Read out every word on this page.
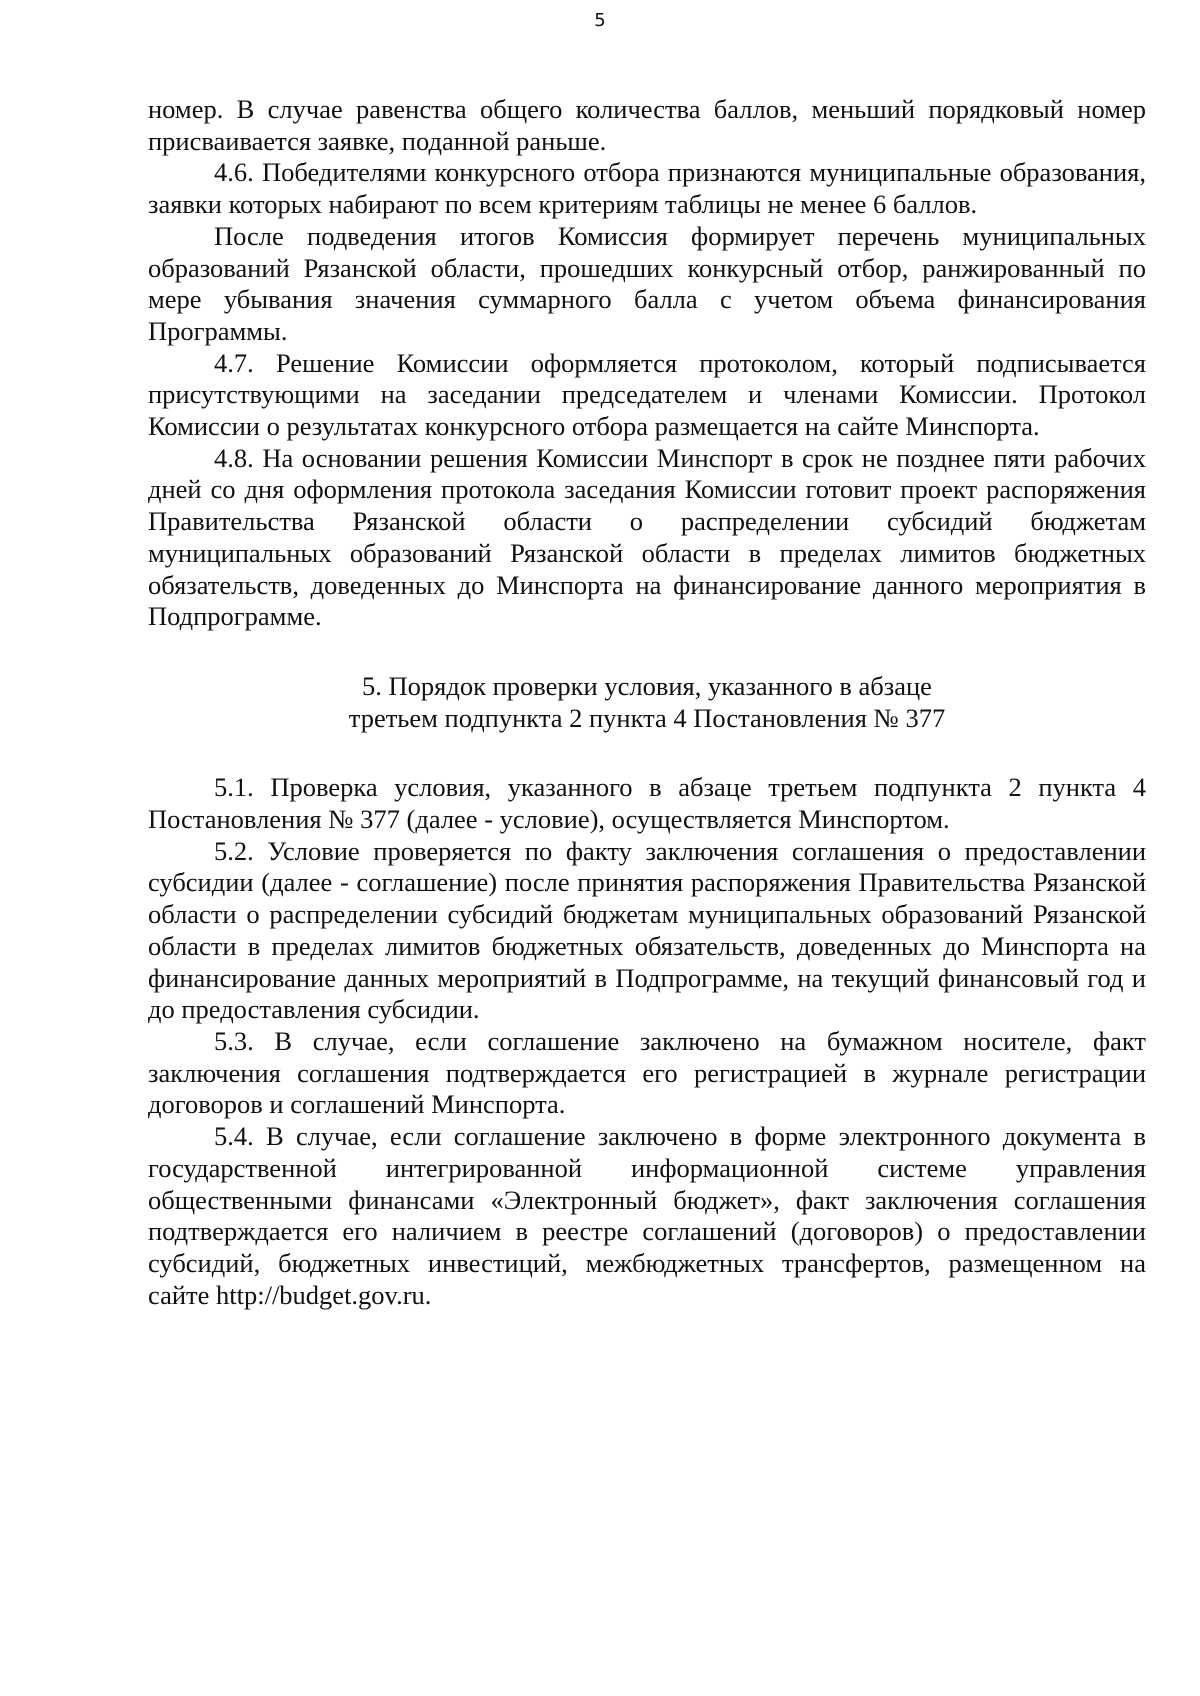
5

номер. В случае равенства общего количества баллов, меньший порядковый номер присваивается заявке, поданной раньше.

4.6. Победителями конкурсного отбора признаются муниципальные образования, заявки которых набирают по всем критериям таблицы не менее 6 баллов.

После подведения итогов Комиссия формирует перечень муниципальных образований Рязанской области, прошедших конкурсный отбор, ранжированный по мере убывания значения суммарного балла с учетом объема финансирования Программы.

4.7. Решение Комиссии оформляется протоколом, который подписывается присутствующими на заседании председателем и членами Комиссии. Протокол Комиссии о результатах конкурсного отбора размещается на сайте Минспорта.

4.8. На основании решения Комиссии Минспорт в срок не позднее пяти рабочих дней со дня оформления протокола заседания Комиссии готовит проект распоряжения Правительства Рязанской области о распределении субсидий бюджетам муниципальных образований Рязанской области в пределах лимитов бюджетных обязательств, доведенных до Минспорта на финансирование данного мероприятия в Подпрограмме.

5. Порядок проверки условия, указанного в абзаце
третьем подпункта 2 пункта 4 Постановления № 377

5.1. Проверка условия, указанного в абзаце третьем подпункта 2 пункта 4 Постановления № 377 (далее - условие), осуществляется Минспортом.

5.2. Условие проверяется по факту заключения соглашения о предоставлении субсидии (далее - соглашение) после принятия распоряжения Правительства Рязанской области о распределении субсидий бюджетам муниципальных образований Рязанской области в пределах лимитов бюджетных обязательств, доведенных до Минспорта на финансирование данных мероприятий в Подпрограмме, на текущий финансовый год и до предоставления субсидии.

5.3. В случае, если соглашение заключено на бумажном носителе, факт заключения соглашения подтверждается его регистрацией в журнале регистрации договоров и соглашений Минспорта.

5.4. В случае, если соглашение заключено в форме электронного документа в государственной интегрированной информационной системе управления общественными финансами «Электронный бюджет», факт заключения соглашения подтверждается его наличием в реестре соглашений (договоров) о предоставлении субсидий, бюджетных инвестиций, межбюджетных трансфертов, размещенном на сайте http://budget.gov.ru.
